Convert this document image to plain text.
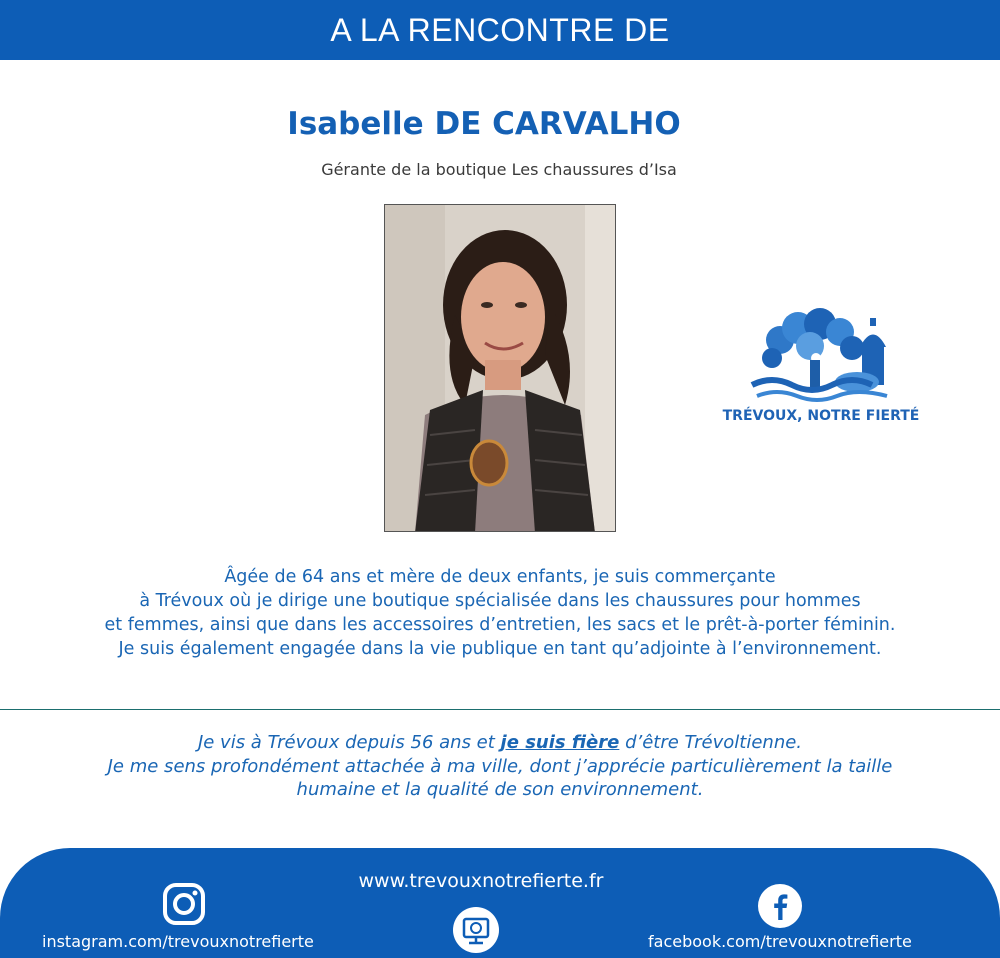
A LA RENCONTRE DE
Isabelle DE CARVALHO
Gérante de la boutique Les chaussures d’Isa
TRÉVOUX, NOTRE FIERTÉ

Âgée de 64 ans et mère de deux enfants, je suis commerçante

à Trévoux où je dirige une boutique spécialisée dans les chaussures pour hommes

et femmes, ainsi que dans les accessoires d’entretien, les sacs et le prêt-à-porter féminin.

Je suis également engagée dans la vie publique en tant qu’adjointe à l’environnement.

Je vis à Trévoux depuis 56 ans et je suis fière d’être Trévoltienne.

Je me sens profondément attachée à ma ville, dont j’apprécie particulièrement la taille

humaine et la qualité de son environnement.

www.trevouxnotrefierte.fr
instagram.com/trevouxnotrefierte	facebook.com/trevouxnotrefierte
